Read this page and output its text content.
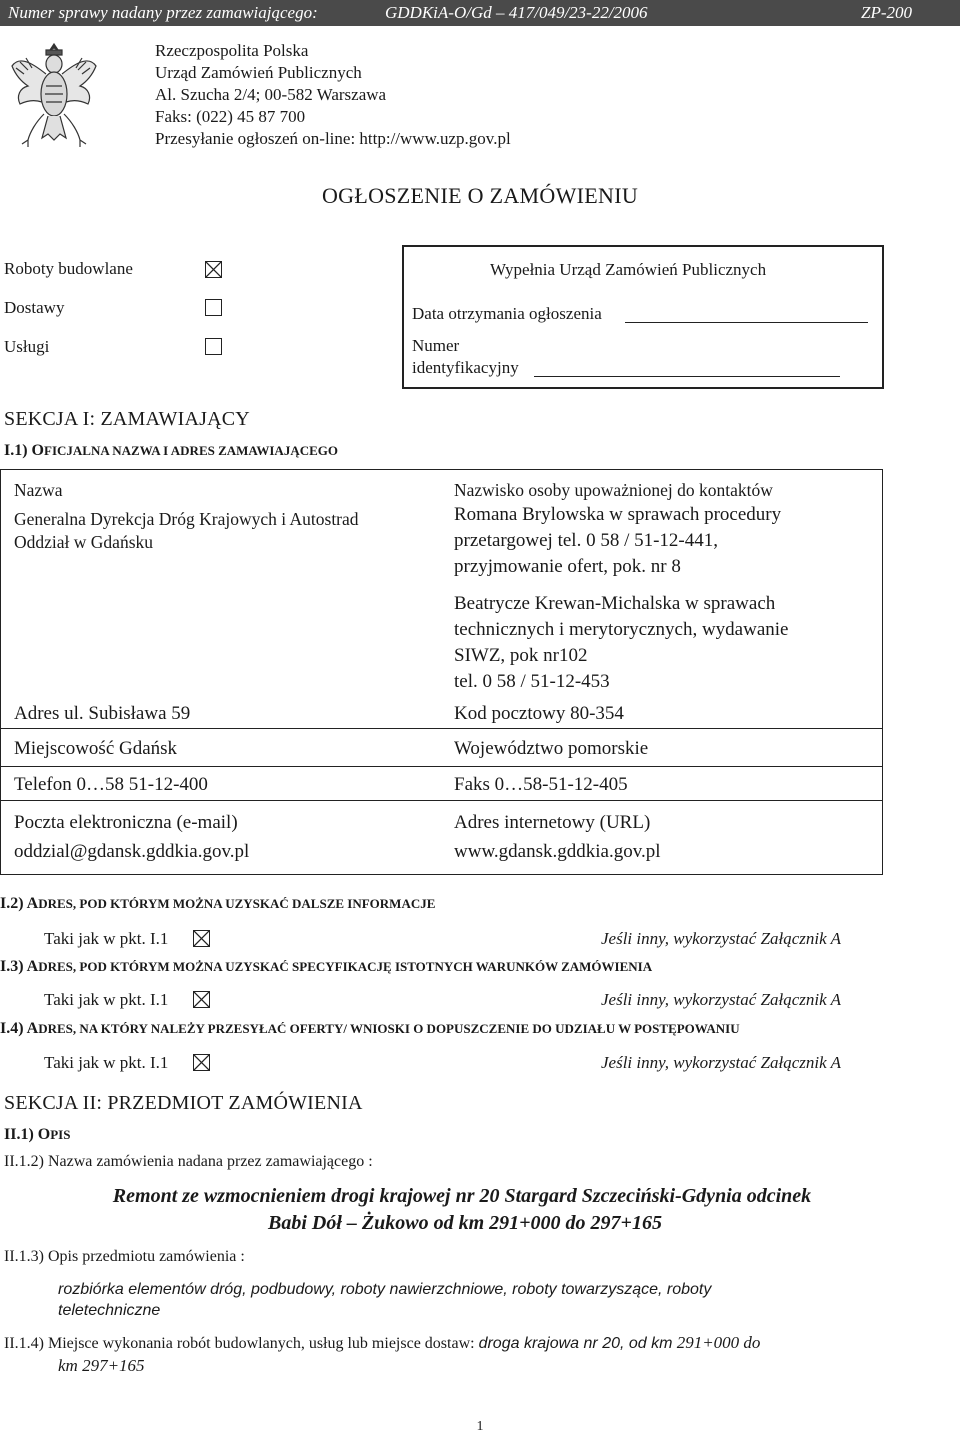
Numer sprawy nadany przez zamawiającego:	GDDKiA-O/Gd – 417/049/23-22/2006	ZP-200
Rzeczpospolita Polska
Urząd Zamówień Publicznych
Al. Szucha 2/4; 00-582 Warszawa
Faks: (022) 45 87 700
Przesyłanie ogłoszeń on-line: http://www.uzp.gov.pl
OGŁOSZENIE O ZAMÓWIENIU
Roboty budowlane
Dostawy
Usługi
Wypełnia Urząd Zamówień Publicznych
Data otrzymania ogłoszenia
Numer
identyfikacyjny
SEKCJA I: ZAMAWIAJĄCY
I.1) OFICJALNA NAZWA I ADRES ZAMAWIAJĄCEGO
Nazwa
Generalna Dyrekcja Dróg Krajowych i Autostrad
Oddział w Gdańsku
Nazwisko osoby upoważnionej do kontaktów
Romana Brylowska w sprawach procedury
przetargowej tel. 0 58 / 51-12-441,
przyjmowanie ofert, pok. nr 8
Beatrycze Krewan-Michalska w sprawach
technicznych i merytorycznych, wydawanie
SIWZ, pok nr102
tel. 0 58 / 51-12-453
Adres ul. Subisława 59	Kod pocztowy 80-354
Miejscowość Gdańsk	Województwo pomorskie
Telefon 0…58 51-12-400	Faks 0…58-51-12-405
Poczta elektroniczna (e-mail)
oddzial@gdansk.gddkia.gov.pl
Adres internetowy (URL)
www.gdansk.gddkia.gov.pl
I.2) ADRES, POD KTÓRYM MOŻNA UZYSKAĆ DALSZE INFORMACJE
Taki jak w pkt. I.1	Jeśli inny, wykorzystać Załącznik A
I.3) ADRES, POD KTÓRYM MOŻNA UZYSKAĆ SPECYFIKACJĘ ISTOTNYCH WARUNKÓW ZAMÓWIENIA
Taki jak w pkt. I.1	Jeśli inny, wykorzystać Załącznik A
I.4) ADRES, NA KTÓRY NALEŻY PRZESYŁAĆ OFERTY/ WNIOSKI O DOPUSZCZENIE DO UDZIAŁU W POSTĘPOWANIU
Taki jak w pkt. I.1	Jeśli inny, wykorzystać Załącznik A
SEKCJA II: PRZEDMIOT ZAMÓWIENIA
II.1) OPIS
II.1.2) Nazwa zamówienia nadana przez zamawiającego :
Remont ze wzmocnieniem drogi krajowej nr 20 Stargard Szczeciński-Gdynia odcinek
Babi Dół – Żukowo od km 291+000 do 297+165
II.1.3) Opis przedmiotu zamówienia :
rozbiórka elementów dróg, podbudowy, roboty nawierzchniowe, roboty towarzyszące, roboty
teletechniczne
II.1.4) Miejsce wykonania robót budowlanych, usług lub miejsce dostaw: droga krajowa nr 20, od km 291+000 do
km 297+165
1
